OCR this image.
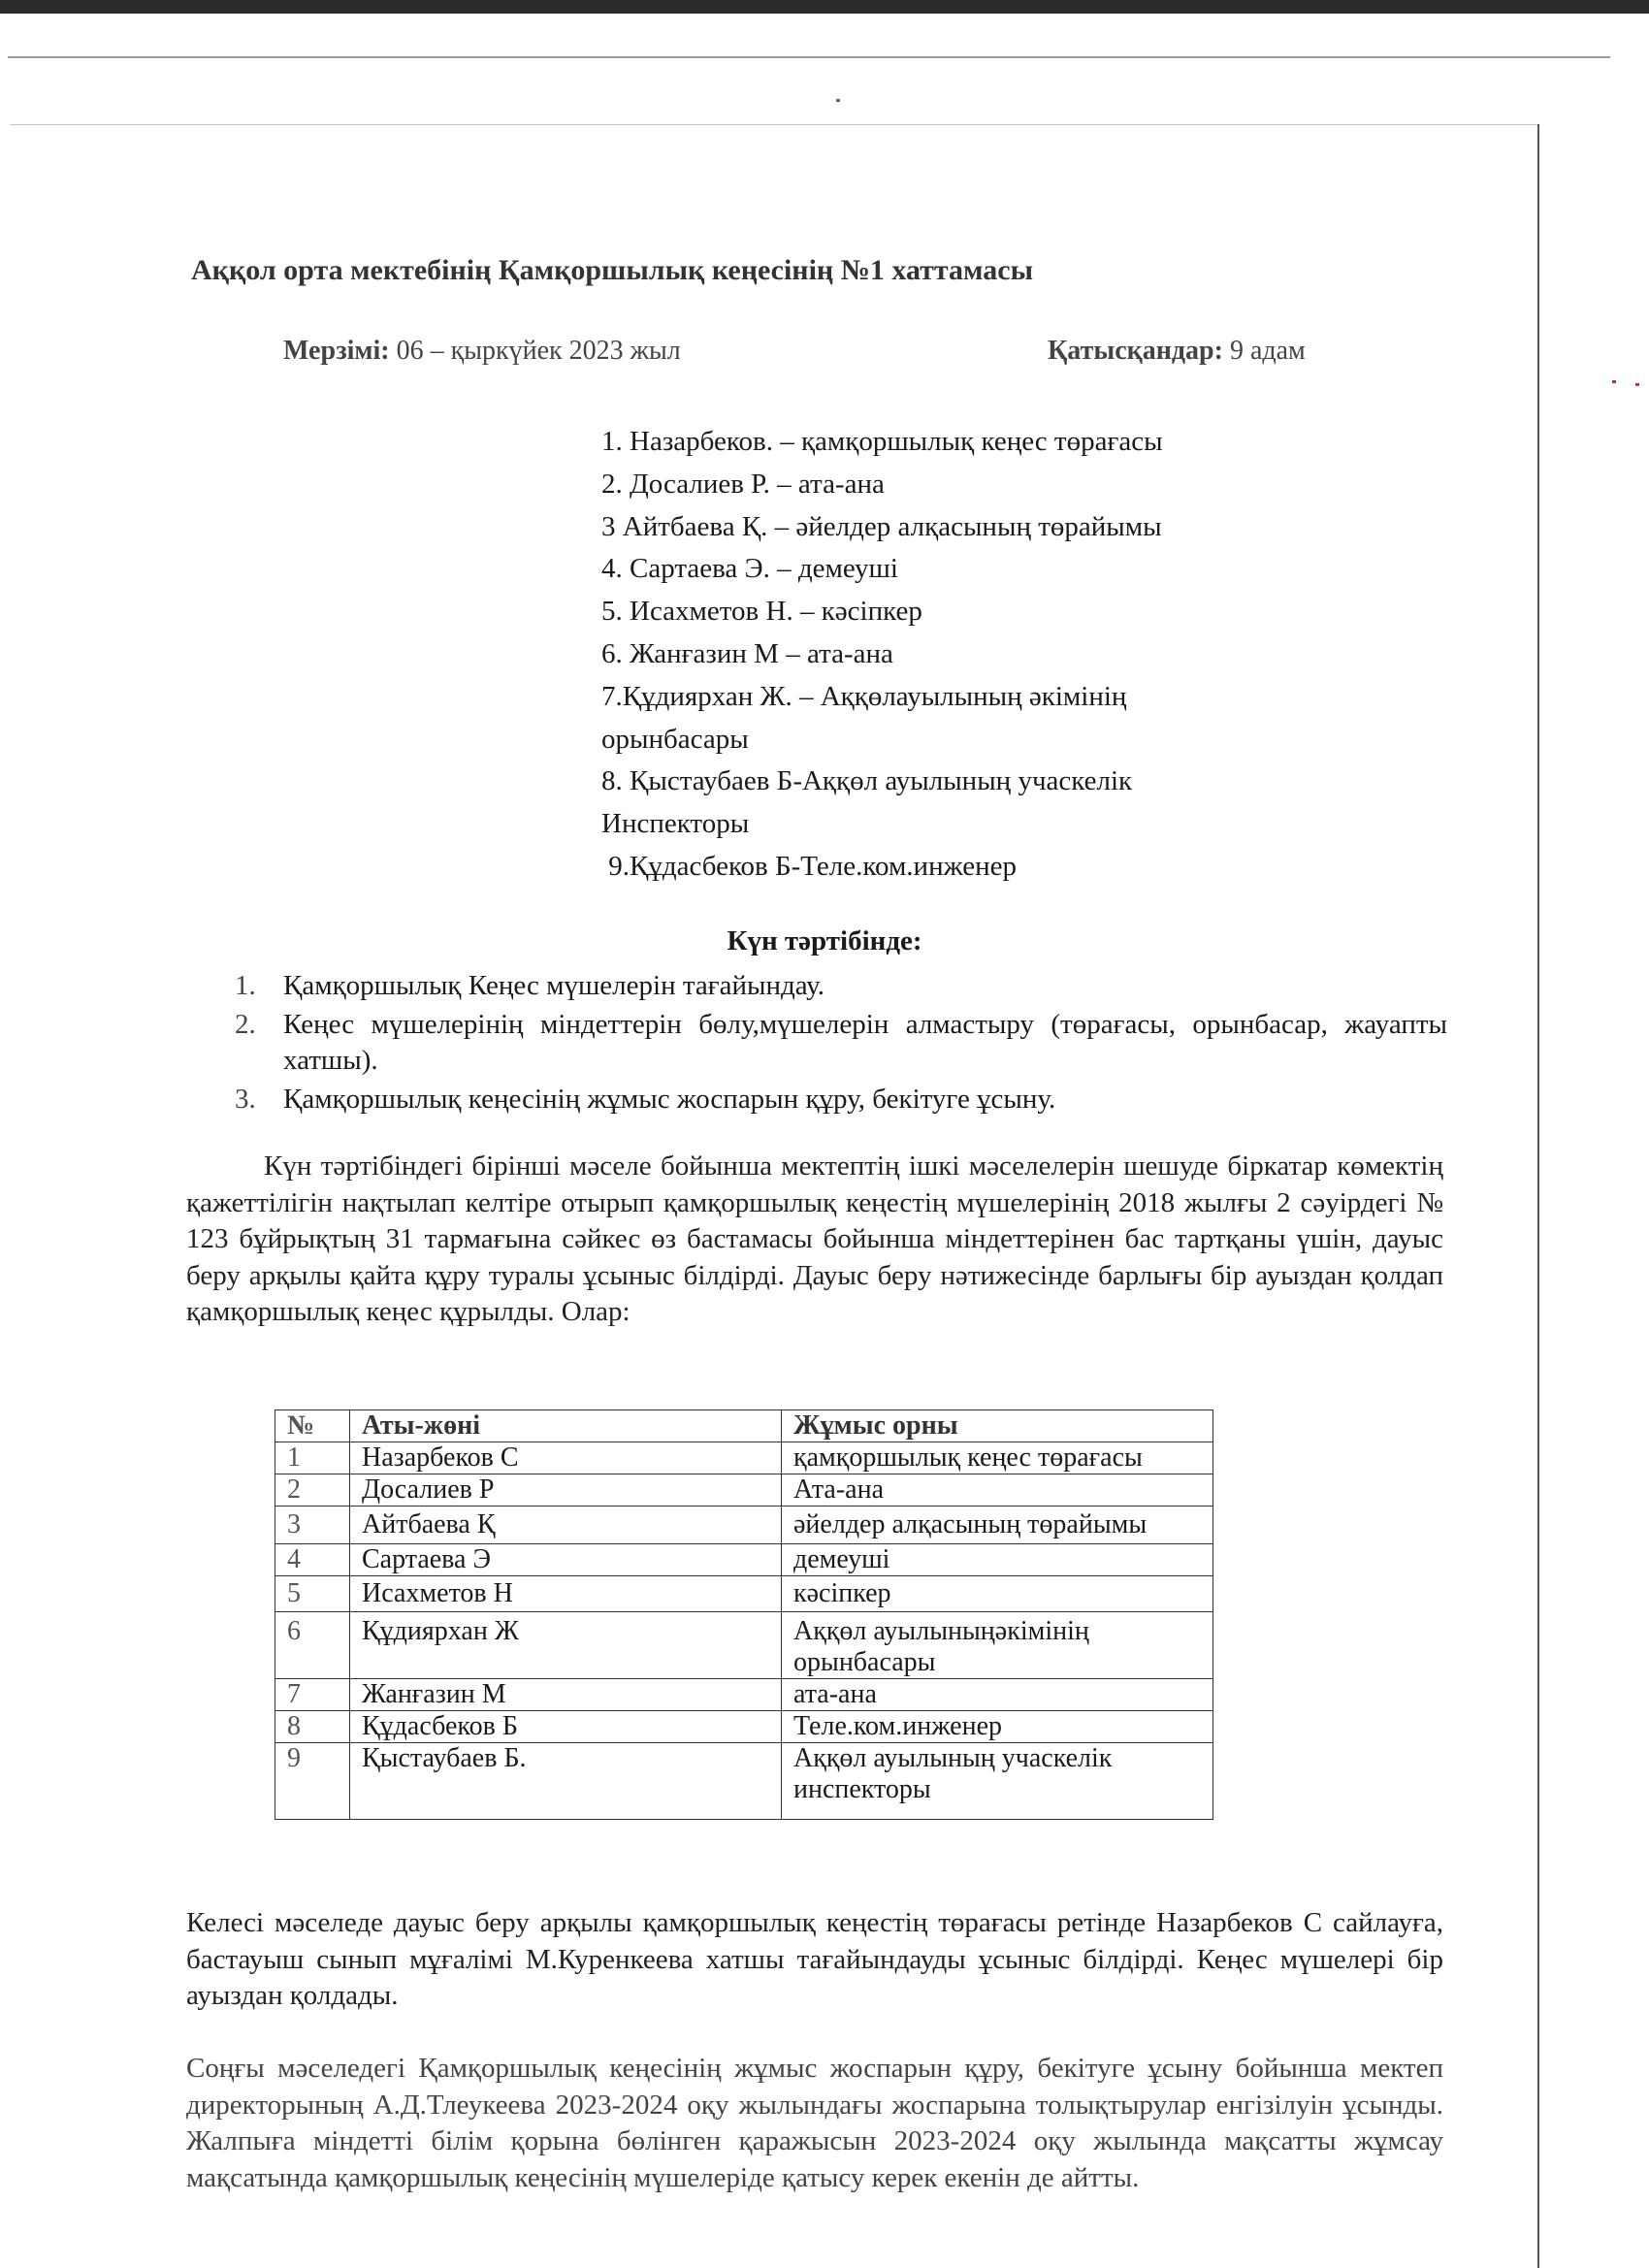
Аққол орта мектебінің Қамқоршылық кеңесінің №1 хаттамасы
Мерзімі: 06 – қыркүйек 2023 жыл	Қатысқандар: 9 адам
1. Назарбеков. – қамқоршылық кеңес төрағасы
2. Досалиев Р. – ата-ана
3 Айтбаева Қ. – әйелдер алқасының төрайымы
4. Сартаева Э. – демеуші
5. Исахметов Н. – кәсіпкер
6. Жанғазин М – ата-ана
7.Құдиярхан Ж. – Аққөлауылының әкімінің
орынбасары
8. Қыстаубаев Б-Аққөл ауылының учаскелік
Инспекторы
9.Құдасбеков Б-Теле.ком.инженер
Күн тәртібінде:
1. Қамқоршылық Кеңес мүшелерін тағайындау.
2. Кеңес мүшелерінің міндеттерін бөлу,мүшелерін алмастыру (төрағасы, орынбасар, жауапты хатшы).
3. Қамқоршылық кеңесінің жұмыс жоспарын құру, бекітуге ұсыну.

Күн тәртібіндегі бірінші мәселе бойынша мектептің ішкі мәселелерін шешуде біркатар көмектің қажеттілігін нақтылап келтіре отырып қамқоршылық кеңестің мүшелерінің 2018 жылғы 2 сәуірдегі № 123 бұйрықтың 31 тармағына сәйкес өз бастамасы бойынша міндеттерінен бас тартқаны үшін, дауыс беру арқылы қайта құру туралы ұсыныс білдірді. Дауыс беру нәтижесінде барлығы бір ауыздан қолдап қамқоршылық кеңес құрылды. Олар:

№	Аты-жөні	Жұмыс орны
1	Назарбеков С	қамқоршылық кеңес төрағасы
2	Досалиев Р	Ата-ана
3	Айтбаева Қ	әйелдер алқасының төрайымы
4	Сартаева Э	демеуші
5	Исахметов Н	кәсіпкер
6	Құдиярхан Ж	Аққөл ауылыныңәкімінің орынбасары
7	Жанғазин М	ата-ана
8	Құдасбеков Б	Теле.ком.инженер
9	Қыстаубаев Б.	Аққөл ауылының учаскелік инспекторы

Келесі мәселеде дауыс беру арқылы қамқоршылық кеңестің төрағасы ретінде Назарбеков С сайлауға, бастауыш сынып мұғалімі М.Куренкеева хатшы тағайындауды ұсыныс білдірді. Кеңес мүшелері бір ауыздан қолдады.

Соңғы мәселедегі Қамқоршылық кеңесінің жұмыс жоспарын құру, бекітуге ұсыну бойынша мектеп директорының А.Д.Тлеукеева 2023-2024 оқу жылындағы жоспарына толықтырулар енгізілуін ұсынды. Жалпыға міндетті білім қорына бөлінген қаражысын 2023-2024 оқу жылында мақсатты жұмсау мақсатында қамқоршылық кеңесінің мүшелеріде қатысу керек екенін де айтты.
